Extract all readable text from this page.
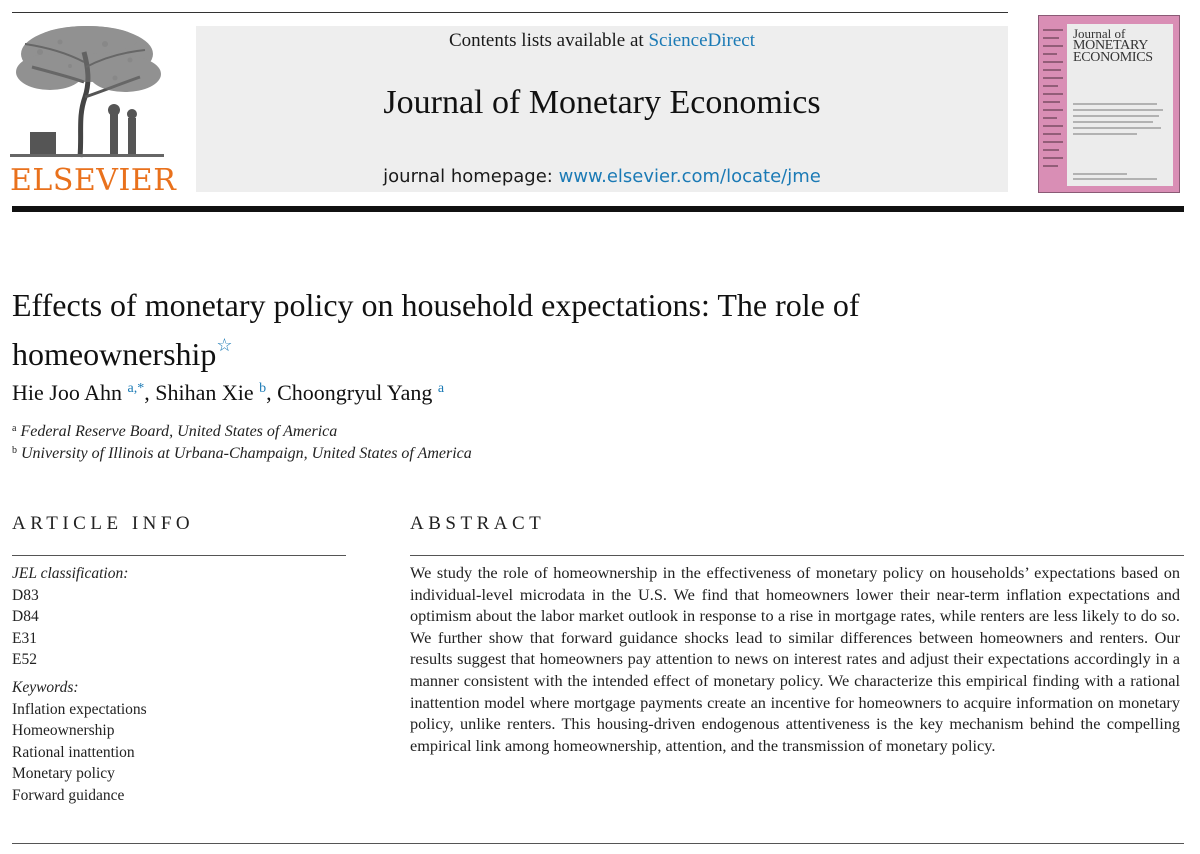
ELSEVIER
Contents lists available at ScienceDirect
Journal of Monetary Economics
journal homepage: www.elsevier.com/locate/jme
Journal of
MONETARY
ECONOMICS
Effects of monetary policy on household expectations: The role of
homeownership☆
Hie Joo Ahn $^{a,*}$, Shihan Xie $^b$, Choongryul Yang $^a$
$^a$ Federal Reserve Board, United States of America
$^b$ University of Illinois at Urbana-Champaign, United States of America
ARTICLE INFO
JEL classification:
D83
D84
E31
E52
Keywords:
Inflation expectations
Homeownership
Rational inattention
Monetary policy
Forward guidance
ABSTRACT
We study the role of homeownership in the effectiveness of monetary policy on households’ expectations based on individual-level microdata in the U.S. We find that homeowners lower their near-term inflation expectations and optimism about the labor market outlook in response to a rise in mortgage rates, while renters are less likely to do so. We further show that forward guidance shocks lead to similar differences between homeowners and renters. Our results suggest that homeowners pay attention to news on interest rates and adjust their expectations accordingly in a manner consistent with the intended effect of monetary policy. We characterize this empirical finding with a rational inattention model where mortgage payments create an incentive for homeowners to acquire information on monetary policy, unlike renters. This housing-driven endogenous attentiveness is the key mechanism behind the compelling empirical link among homeownership, attention, and the transmission of monetary policy.
